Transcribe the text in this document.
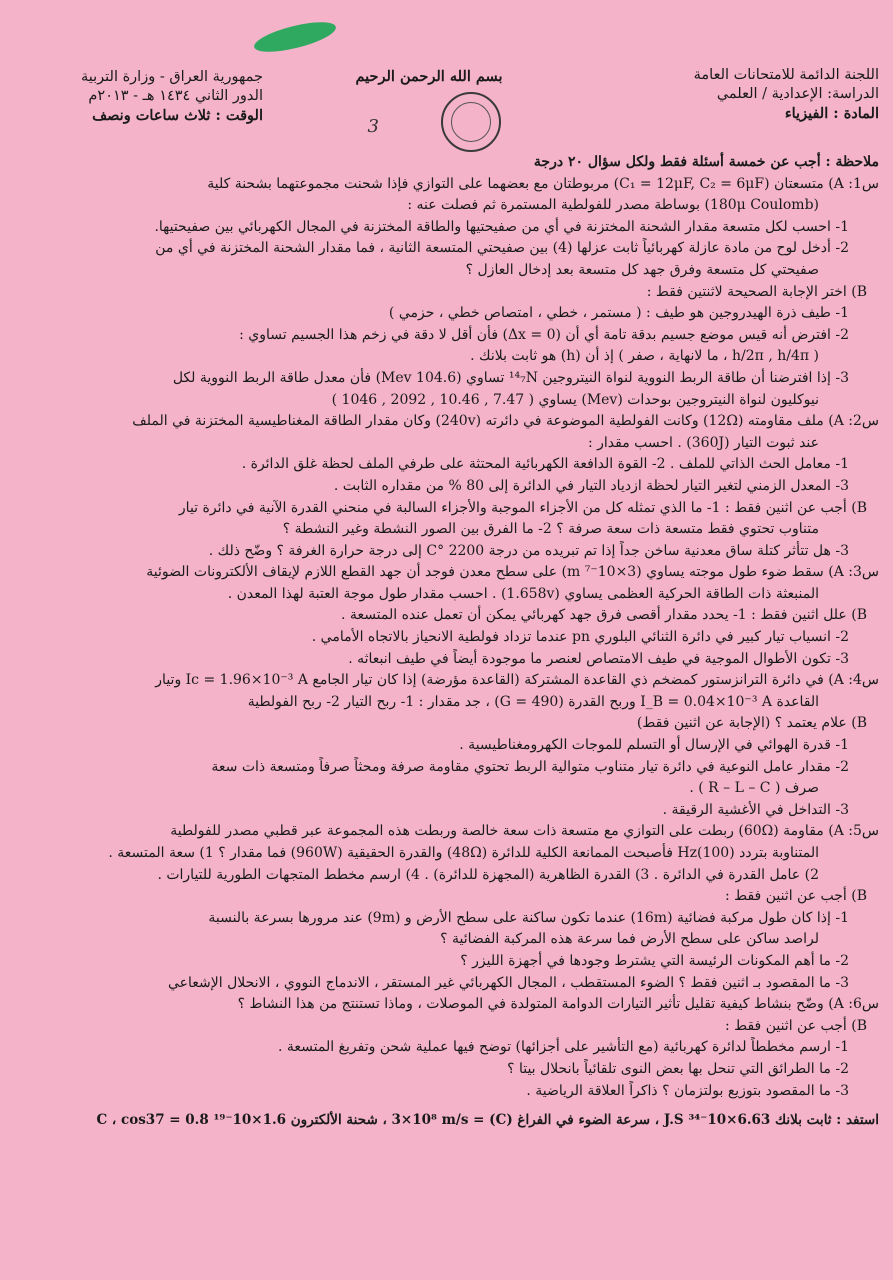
اللجنة الدائمة للامتحانات العامة
الدراسة: الإعدادية / العلمي
المادة : الفيزياء
بسم الله الرحمن الرحيم
3
جمهورية العراق - وزارة التربية
الدور الثاني ١٤٣٤ هـ - ٢٠١٣م
الوقت : ثلاث ساعات ونصف

ملاحظة : أجب عن خمسة أسئلة فقط ولكل سؤال ٢٠ درجة

س1: A) متسعتان (C₁ = 12μF, C₂ = 6μF) مربوطتان مع بعضهما على التوازي فإذا شحنت مجموعتهما بشحنة كلية

(180μ Coulomb) بوساطة مصدر للفولطية المستمرة ثم فصلت عنه :

1- احسب لكل متسعة مقدار الشحنة المختزنة في أي من صفيحتيها والطاقة المختزنة في المجال الكهربائي بين صفيحتيها.

2- أدخل لوح من مادة عازلة كهربائياً ثابت عزلها (4) بين صفيحتي المتسعة الثانية ، فما مقدار الشحنة المختزنة في أي من

صفيحتي كل متسعة وفرق جهد كل متسعة بعد إدخال العازل ؟

B) اختر الإجابة الصحيحة لاثنتين فقط :

1- طيف ذرة الهيدروجين هو طيف : ( مستمر ، خطي ، امتصاص خطي ، حزمي )

2- افترض أنه قيس موضع جسيم بدقة تامة أي أن (Δx = 0) فأن أقل لا دقة في زخم هذا الجسيم تساوي :

( h/2π , h/4π ، ما لانهاية ، صفر ) إذ أن (h) هو ثابت بلانك .

3- إذا افترضنا أن طاقة الربط النووية لنواة النيتروجين ¹⁴₇N تساوي (104.6 Mev) فأن معدل طاقة الربط النووية لكل

نيوكليون لنواة النيتروجين بوحدات (Mev) يساوي ( 7.47 , 10.46 , 2092 , 1046 )

س2: A) ملف مقاومته (12Ω) وكانت الفولطية الموضوعة في دائرته (240v) وكان مقدار الطاقة المغناطيسية المختزنة في الملف

عند ثبوت التيار (360J) . احسب مقدار :

1- معامل الحث الذاتي للملف . 2- القوة الدافعة الكهربائية المحتثة على طرفي الملف لحظة غلق الدائرة .

3- المعدل الزمني لتغير التيار لحظة ازدياد التيار في الدائرة إلى 80 % من مقداره الثابت .

B) أجب عن اثنين فقط : 1- ما الذي تمثله كل من الأجزاء الموجبة والأجزاء السالبة في منحني القدرة الآنية في دائرة تيار

متناوب تحتوي فقط متسعة ذات سعة صرفة ؟ 2- ما الفرق بين الصور النشطة وغير النشطة ؟

3- هل تتأثر كتلة ساق معدنية ساخن جداً إذا تم تبريده من درجة 2200 °C إلى درجة حرارة الغرفة ؟ وضّح ذلك .

س3: A) سقط ضوء طول موجته يساوي (3×10⁻⁷ m) على سطح معدن فوجد أن جهد القطع اللازم لإيقاف الألكترونات الضوئية

المنبعثة ذات الطاقة الحركية العظمى يساوي (1.658v) . احسب مقدار طول موجة العتبة لهذا المعدن .

B) علل اثنين فقط : 1- يحدد مقدار أقصى فرق جهد كهربائي يمكن أن تعمل عنده المتسعة .

2- انسياب تيار كبير في دائرة الثنائي البلوري pn عندما تزداد فولطية الانحياز بالاتجاه الأمامي .

3- تكون الأطوال الموجية في طيف الامتصاص لعنصر ما موجودة أيضاً في طيف انبعاثه .

س4: A) في دائرة الترانزستور كمضخم ذي القاعدة المشتركة (القاعدة مؤرضة) إذا كان تيار الجامع Ic = 1.96×10⁻³ A وتيار

القاعدة I_B = 0.04×10⁻³ A وربح القدرة (G = 490) ، جد مقدار : 1- ربح التيار 2- ربح الفولطية

B) علام يعتمد ؟ (الإجابة عن اثنين فقط)

1- قدرة الهوائي في الإرسال أو التسلم للموجات الكهرومغناطيسية .

2- مقدار عامل النوعية في دائرة تيار متناوب متوالية الربط تحتوي مقاومة صرفة ومحثاً صرفاً ومتسعة ذات سعة

صرف ( R – L – C ) .

3- التداخل في الأغشية الرقيقة .

س5: A) مقاومة (60Ω) ربطت على التوازي مع متسعة ذات سعة خالصة وربطت هذه المجموعة عبر قطبي مصدر للفولطية

المتناوبة بتردد (100)Hz فأصبحت الممانعة الكلية للدائرة (48Ω) والقدرة الحقيقية (960W) فما مقدار ؟ 1) سعة المتسعة .

2) عامل القدرة في الدائرة . 3) القدرة الظاهرية (المجهزة للدائرة) . 4) ارسم مخطط المتجهات الطورية للتيارات .

B) أجب عن اثنين فقط :

1- إذا كان طول مركبة فضائية (16m) عندما تكون ساكنة على سطح الأرض و (9m) عند مرورها بسرعة بالنسبة

لراصد ساكن على سطح الأرض فما سرعة هذه المركبة الفضائية ؟

2- ما أهم المكونات الرئيسة التي يشترط وجودها في أجهزة الليزر ؟

3- ما المقصود بـ اثنين فقط ؟ الضوء المستقطب ، المجال الكهربائي غير المستقر ، الاندماج النووي ، الانحلال الإشعاعي

س6: A) وضّح بنشاط كيفية تقليل تأثير التيارات الدوامة المتولدة في الموصلات ، وماذا تستنتج من هذا النشاط ؟

B) أجب عن اثنين فقط :

1- ارسم مخططاً لدائرة كهربائية (مع التأشير على أجزائها) توضح فيها عملية شحن وتفريغ المتسعة .

2- ما الطرائق التي تنحل بها بعض النوى تلقائياً بانحلال بيتا ؟

3- ما المقصود بتوزيع بولتزمان ؟ ذاكراً العلاقة الرياضية .

استفد : ثابت بلانك 6.63×10⁻³⁴ J.S ، سرعة الضوء في الفراغ (C) = 3×10⁸ m/s ، شحنة الألكترون 1.6×10⁻¹⁹ C ، cos37 = 0.8
